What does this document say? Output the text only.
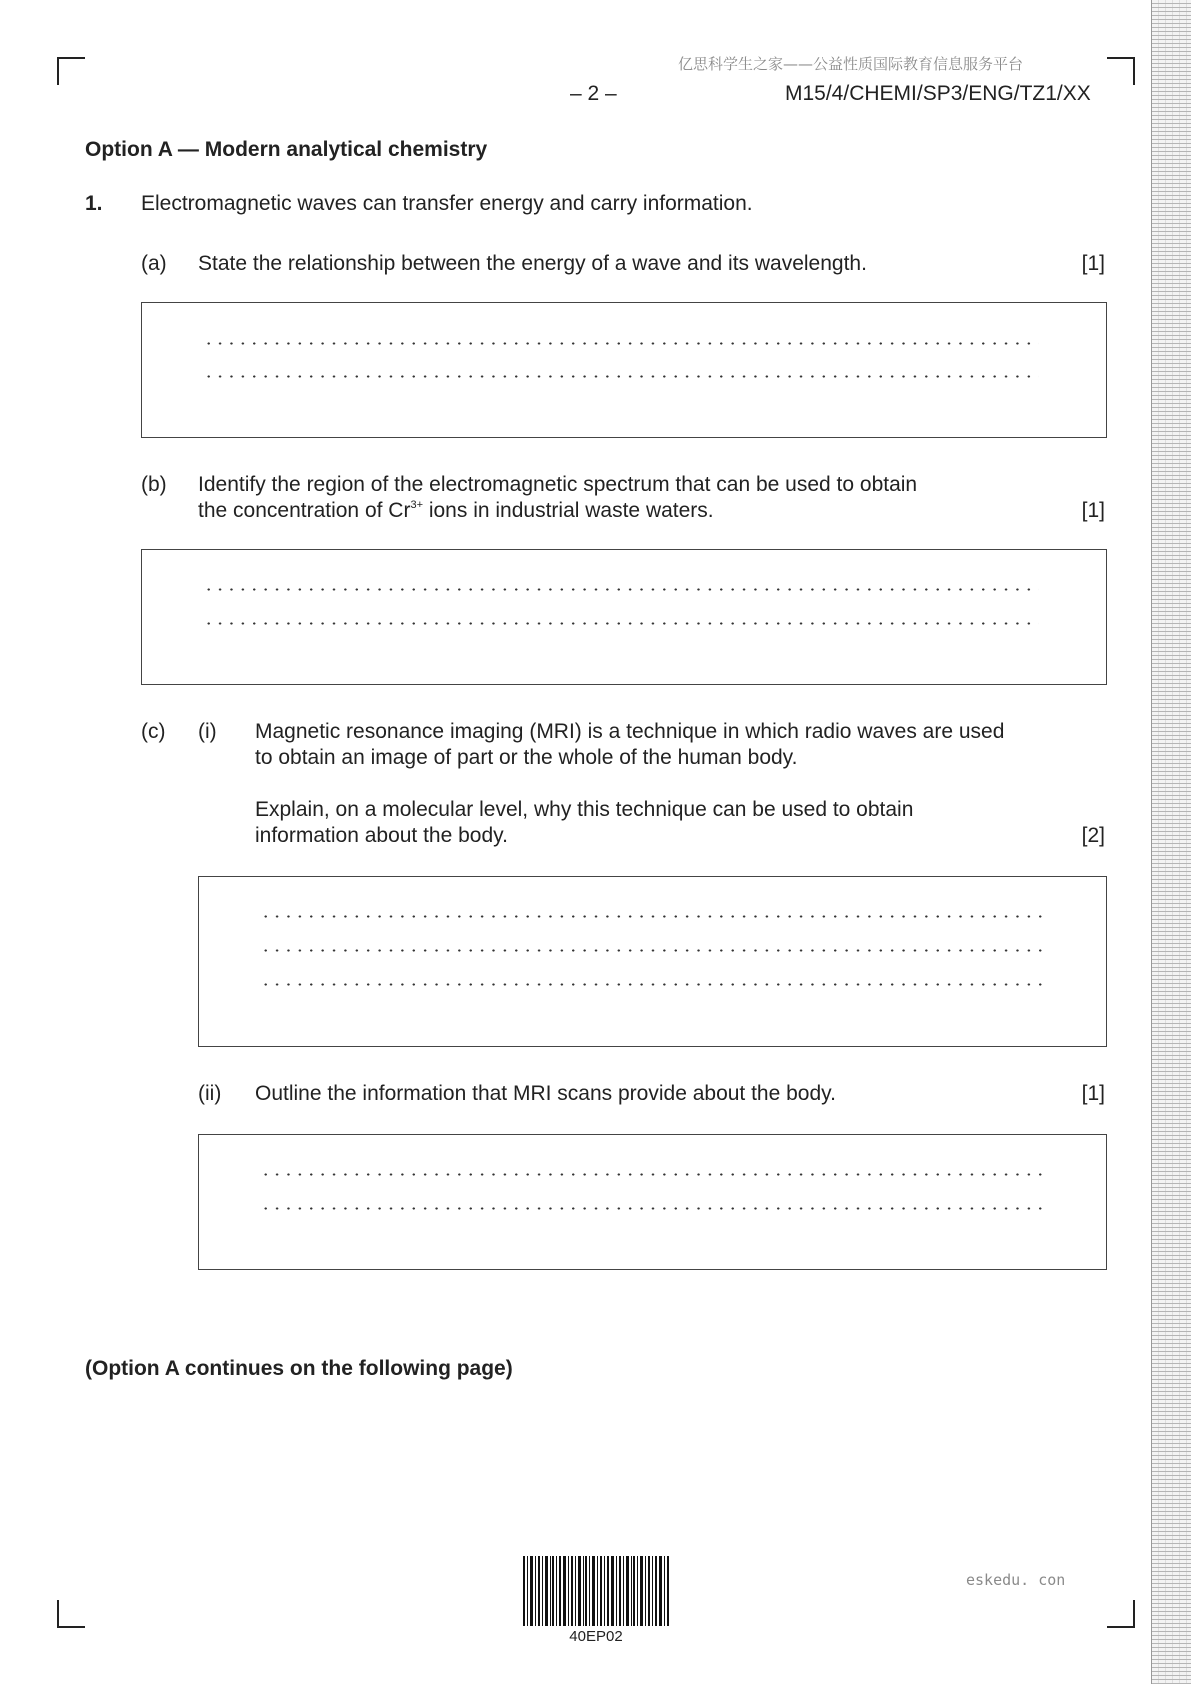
亿思科学生之家——公益性质国际教育信息服务平台
– 2 –	M15/4/CHEMI/SP3/ENG/TZ1/XX
Option A — Modern analytical chemistry
1. Electromagnetic waves can transfer energy and carry information.
(a) State the relationship between the energy of a wave and its wavelength.	[1]
(b) Identify the region of the electromagnetic spectrum that can be used to obtain
the concentration of $Cr^{3+}$ ions in industrial waste waters.	[1]
(c) (i) Magnetic resonance imaging (MRI) is a technique in which radio waves are used
to obtain an image of part or the whole of the human body.
Explain, on a molecular level, why this technique can be used to obtain
information about the body.	[2]
(ii) Outline the information that MRI scans provide about the body.	[1]
(Option A continues on the following page)
40EP02
eskedu. con
